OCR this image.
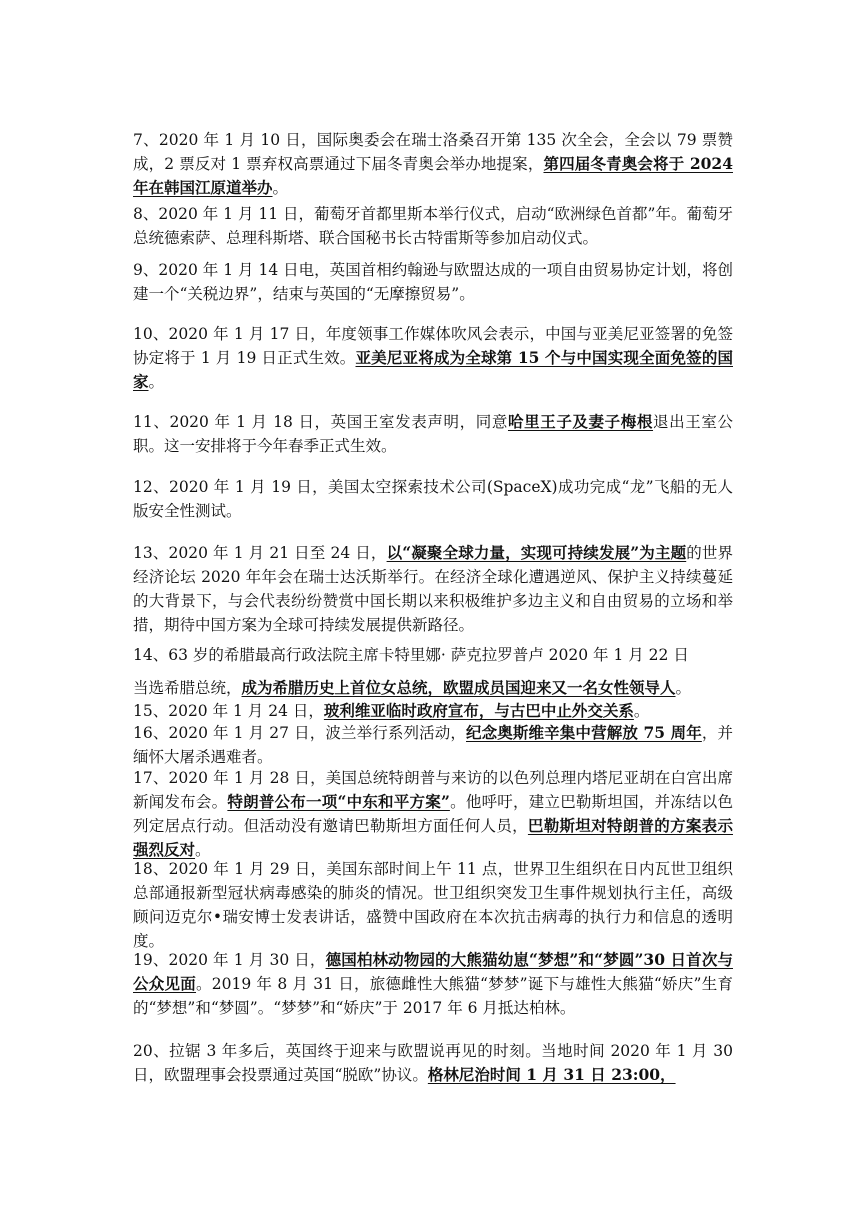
7、2020 年 1 月 10 日，国际奥委会在瑞士洛桑召开第 135 次全会，全会以 79 票赞成，2 票反对 1 票弃权高票通过下届冬青奥会举办地提案，第四届冬青奥会将于 2024 年在韩国江原道举办。

8、2020 年 1 月 11 日，葡萄牙首都里斯本举行仪式，启动“欧洲绿色首都”年。葡萄牙总统德索萨、总理科斯塔、联合国秘书长古特雷斯等参加启动仪式。

9、2020 年 1 月 14 日电，英国首相约翰逊与欧盟达成的一项自由贸易协定计划，将创建一个“关税边界”，结束与英国的“无摩擦贸易”。

10、2020 年 1 月 17 日，年度领事工作媒体吹风会表示，中国与亚美尼亚签署的免签协定将于 1 月 19 日正式生效。亚美尼亚将成为全球第 15 个与中国实现全面免签的国家。

11、2020 年 1 月 18 日，英国王室发表声明，同意哈里王子及妻子梅根退出王室公职。这一安排将于今年春季正式生效。

12、2020 年 1 月 19 日，美国太空探索技术公司(SpaceX)成功完成“龙”飞船的无人版安全性测试。

13、2020 年 1 月 21 日至 24 日，以“凝聚全球力量，实现可持续发展”为主题的世界经济论坛 2020 年年会在瑞士达沃斯举行。在经济全球化遭遇逆风、保护主义持续蔓延的大背景下，与会代表纷纷赞赏中国长期以来积极维护多边主义和自由贸易的立场和举措，期待中国方案为全球可持续发展提供新路径。

14、63 岁的希腊最高行政法院主席卡特里娜· 萨克拉罗普卢 2020 年 1 月 22 日

当选希腊总统，成为希腊历史上首位女总统，欧盟成员国迎来又一名女性领导人。

15、2020 年 1 月 24 日，玻利维亚临时政府宣布，与古巴中止外交关系。

16、2020 年 1 月 27 日，波兰举行系列活动，纪念奥斯维辛集中营解放 75 周年，并缅怀大屠杀遇难者。

17、2020 年 1 月 28 日，美国总统特朗普与来访的以色列总理内塔尼亚胡在白宫出席新闻发布会。特朗普公布一项“中东和平方案”。他呼吁，建立巴勒斯坦国，并冻结以色列定居点行动。但活动没有邀请巴勒斯坦方面任何人员，巴勒斯坦对特朗普的方案表示强烈反对。

18、2020 年 1 月 29 日，美国东部时间上午 11 点，世界卫生组织在日内瓦世卫组织总部通报新型冠状病毒感染的肺炎的情况。世卫组织突发卫生事件规划执行主任，高级顾问迈克尔•瑞安博士发表讲话，盛赞中国政府在本次抗击病毒的执行力和信息的透明度。

19、2020 年 1 月 30 日，德国柏林动物园的大熊猫幼崽“梦想”和“梦圆”30 日首次与公众见面。2019 年 8 月 31 日，旅德雌性大熊猫“梦梦”诞下与雄性大熊猫“娇庆”生育的“梦想”和“梦圆”。“梦梦”和“娇庆”于 2017 年 6 月抵达柏林。

20、拉锯 3 年多后，英国终于迎来与欧盟说再见的时刻。当地时间 2020 年 1 月 30 日，欧盟理事会投票通过英国“脱欧”协议。格林尼治时间 1 月 31 日 23:00，
